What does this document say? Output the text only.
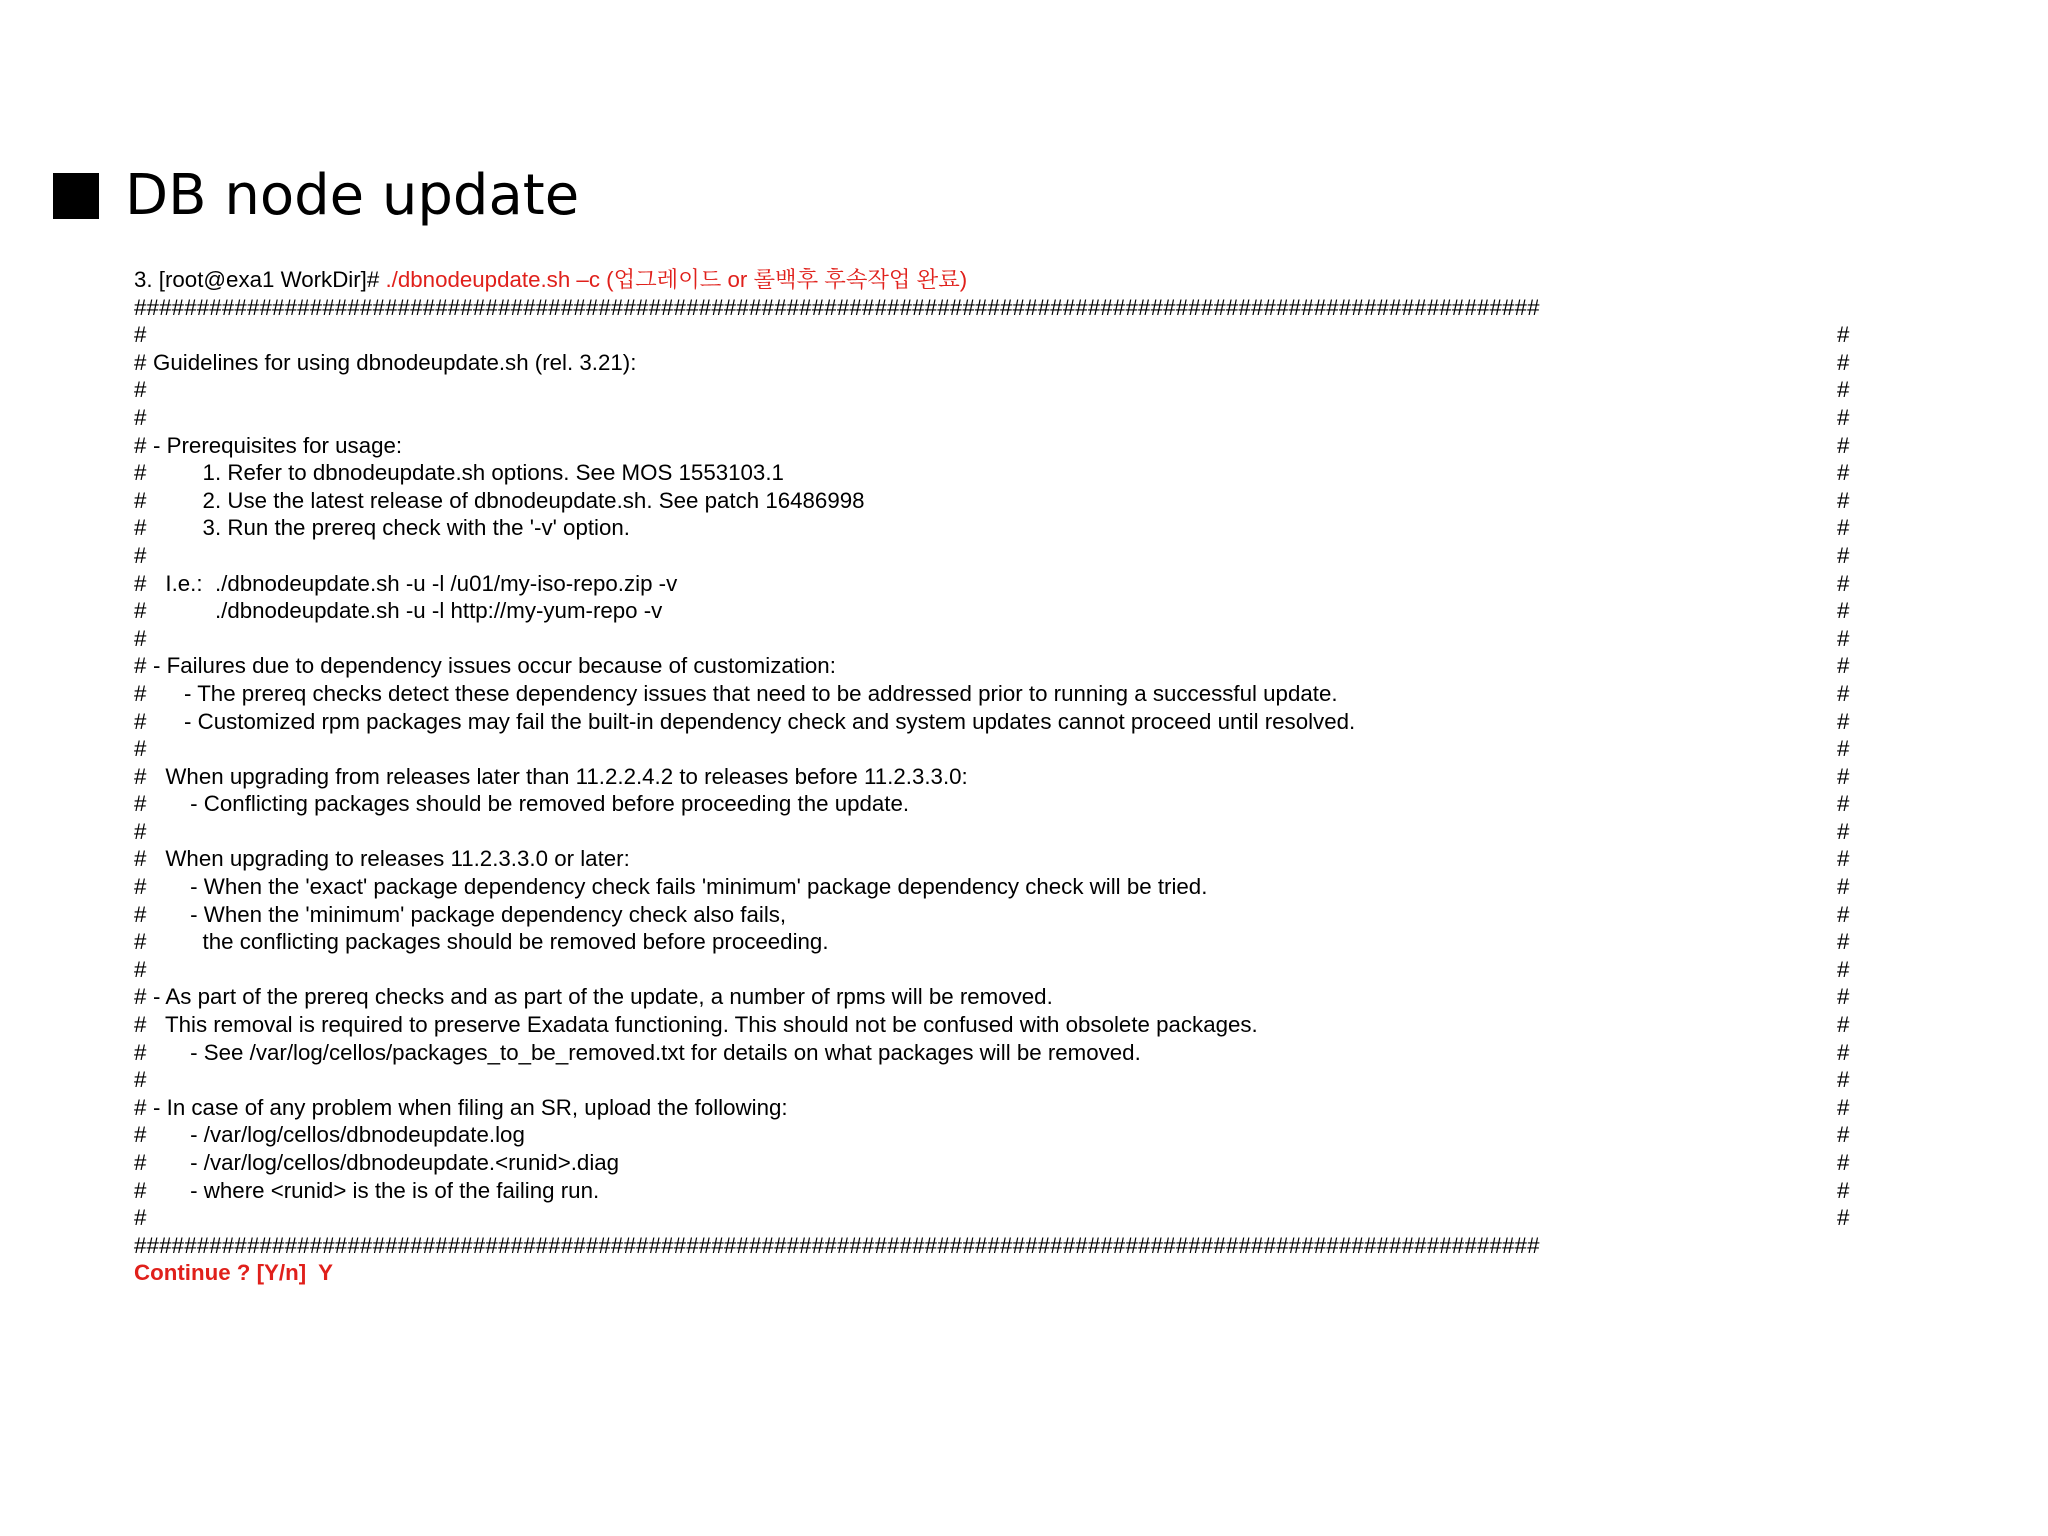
DB node update
3. [root@exa1 WorkDir]# ./dbnodeupdate.sh –c (업그레이드 or 롤백후 후속작업 완료)
################################################################################################################
#	#
# Guidelines for using dbnodeupdate.sh (rel. 3.21):	#
#	#
#	#
# - Prerequisites for usage:	#
# 1. Refer to dbnodeupdate.sh options. See MOS 1553103.1	#
# 2. Use the latest release of dbnodeupdate.sh. See patch 16486998	#
# 3. Run the prereq check with the '-v' option.	#
#	#
# I.e.:  ./dbnodeupdate.sh -u -l /u01/my-iso-repo.zip -v	#
# ./dbnodeupdate.sh -u -l http://my-yum-repo -v	#
#	#
# - Failures due to dependency issues occur because of customization:	#
# - The prereq checks detect these dependency issues that need to be addressed prior to running a successful update.	#
# - Customized rpm packages may fail the built-in dependency check and system updates cannot proceed until resolved.	#
#	#
# When upgrading from releases later than 11.2.2.4.2 to releases before 11.2.3.3.0:	#
# - Conflicting packages should be removed before proceeding the update.	#
#	#
# When upgrading to releases 11.2.3.3.0 or later:	#
# - When the 'exact' package dependency check fails 'minimum' package dependency check will be tried.	#
# - When the 'minimum' package dependency check also fails,	#
# the conflicting packages should be removed before proceeding.	#
#	#
# - As part of the prereq checks and as part of the update, a number of rpms will be removed.	#
# This removal is required to preserve Exadata functioning. This should not be confused with obsolete packages.	#
# - See /var/log/cellos/packages_to_be_removed.txt for details on what packages will be removed.	#
#	#
# - In case of any problem when filing an SR, upload the following:	#
# - /var/log/cellos/dbnodeupdate.log	#
# - /var/log/cellos/dbnodeupdate.<runid>.diag	#
# - where <runid> is the is of the failing run.	#
#	#
################################################################################################################
Continue ? [Y/n]  Y
